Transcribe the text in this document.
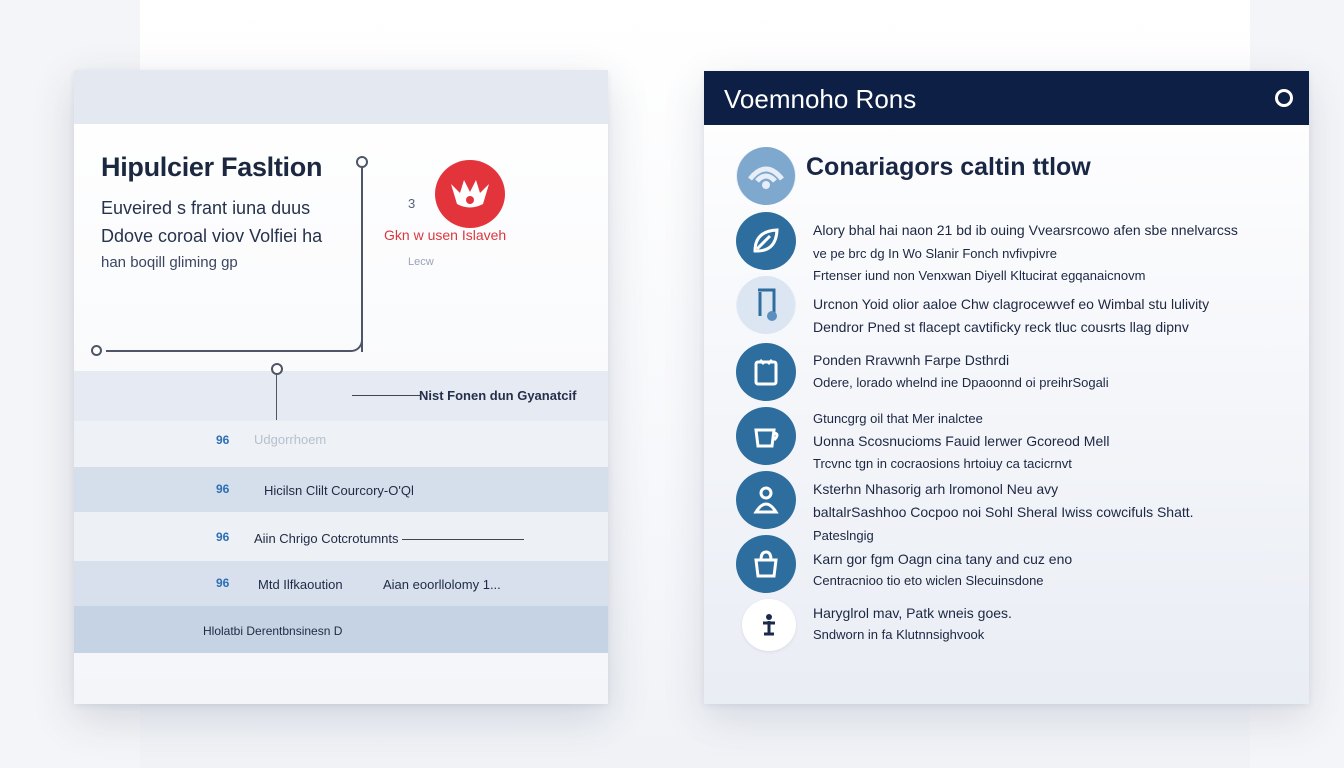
Hipulcier Fasltion
Euveired s frant iuna duus
Ddove coroal viov Volfiei ha
han boqill gliming gp
3
Gkn w usen Islaveh
Lecw
Nist Fonen dun Gyanatcif
96 Udgorrhoem
96	Hicilsn Clilt Courcory-O'Ql
96 Aiin Chrigo Cotcrotumnts
96 Mtd Ilfkaoution	Aian eoorllolomy 1...
Hlolatbi Derentbnsinesn D
Voemnoho Rons
Conariagors caltin ttlow
Alory bhal hai naon 21 bd ib ouing Vvearsrcowo afen sbe nnelvarcss
ve pe brc dg In Wo Slanir Fonch nvfivpivre
Frtenser iund non Venxwan Diyell Kltucirat egqanaicnovm
Urcnon Yoid olior aaloe Chw clagrocewvef eo Wimbal stu lulivity
Dendror Pned st flacept cavtificky reck tluc cousrts llag dipnv
Ponden Rravwnh Farpe Dsthrdi
Odere, lorado whelnd ine Dpaoonnd oi preihrSogali
Gtuncgrg oil that Mer inalctee
Uonna Scosnucioms Fauid lerwer Gcoreod Mell
Trcvnc tgn in cocraosions hrtoiuy ca tacicrnvt
Ksterhn Nhasorig arh lromonol Neu avy
baltalrSashhoo Cocpoo noi Sohl Sheral Iwiss cowcifuls Shatt.
Pateslngig
Karn gor fgm Oagn cina tany and cuz eno
Centracnioo tio eto wiclen Slecuinsdone
Haryglrol mav, Patk wneis goes.
Sndworn in fa Klutnnsighvook
